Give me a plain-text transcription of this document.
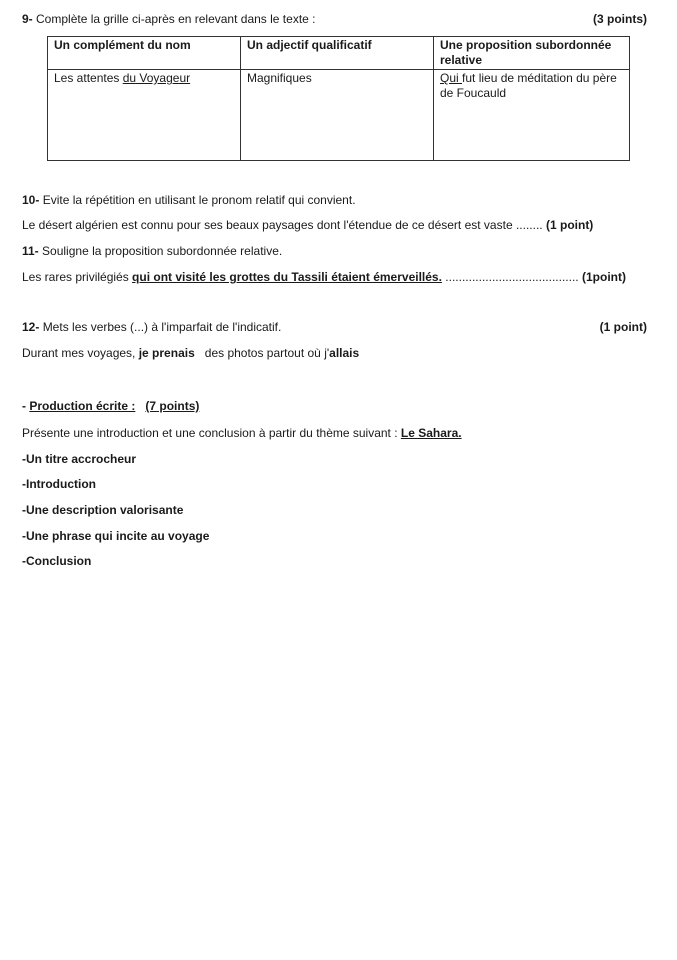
9- Complète la grille ci-après en relevant dans le texte :	(3 points)
Un complément du nom	Un adjectif qualificatif	Une proposition subordonnée relative
Les attentes du Voyageur	Magnifiques	Qui fut lieu de méditation du père de Foucauld
10- Evite la répétition en utilisant le pronom relatif qui convient.
Le désert algérien est connu pour ses beaux paysages dont l'étendue de ce désert est vaste ........ (1 point)
11- Souligne la proposition subordonnée relative.
Les rares privilégiés qui ont visité les grottes du Tassili étaient émerveillés. ........................................ (1point)
12- Mets les verbes (...) à l'imparfait de l'indicatif.	(1 point)
Durant mes voyages, je prenais des photos partout où j'allais
- Production écrite : (7 points)
Présente une introduction et une conclusion à partir du thème suivant : Le Sahara.
-Un titre accrocheur
-Introduction
-Une description valorisante
-Une phrase qui incite au voyage
-Conclusion
